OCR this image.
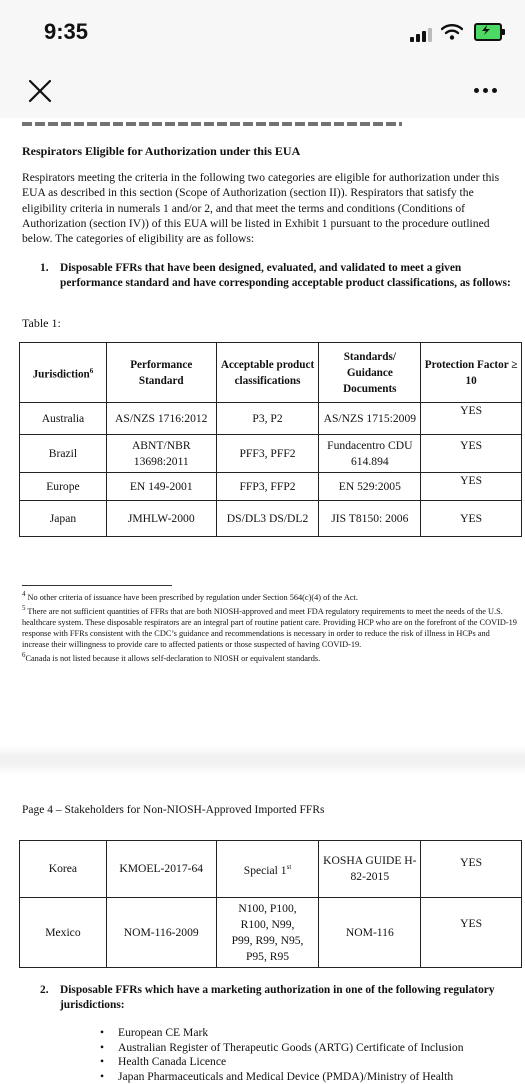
9:35
Respirators Eligible for Authorization under this EUA
Respirators meeting the criteria in the following two categories are eligible for authorization under this EUA as described in this section (Scope of Authorization (section II)). Respirators that satisfy the eligibility criteria in numerals 1 and/or 2, and that meet the terms and conditions (Conditions of Authorization (section IV)) of this EUA will be listed in Exhibit 1 pursuant to the procedure outlined below. The categories of eligibility are as follows:
1. Disposable FFRs that have been designed, evaluated, and validated to meet a given performance standard and have corresponding acceptable product classifications, as follows:
Table 1:
Jurisdiction$^6$	Performance Standard	Acceptable product classifications	Standards/ Guidance Documents	Protection Factor ≥ 10
Australia	AS/NZS 1716:2012	P3, P2	AS/NZS 1715:2009	YES
Brazil	ABNT/NBR 13698:2011	PFF3, PFF2	Fundacentro CDU 614.894	YES
Europe	EN 149-2001	FFP3, FFP2	EN 529:2005	YES
Japan	JMHLW-2000	DS/DL3 DS/DL2	JIS T8150: 2006	YES
$^4$ No other criteria of issuance have been prescribed by regulation under Section 564(c)(4) of the Act.
$^5$ There are not sufficient quantities of FFRs that are both NIOSH-approved and meet FDA regulatory requirements to meet the needs of the U.S. healthcare system. These disposable respirators are an integral part of routine patient care. Providing HCP who are on the forefront of the COVID-19 response with FFRs consistent with the CDC’s guidance and recommendations is necessary in order to reduce the risk of illness in HCPs and increase their willingness to provide care to affected patients or those suspected of having COVID-19.
$^6$Canada is not listed because it allows self-declaration to NIOSH or equivalent standards.
Page 4 – Stakeholders for Non-NIOSH-Approved Imported FFRs
Korea	KMOEL-2017-64	Special 1st	KOSHA GUIDE H-82-2015	YES
Mexico	NOM-116-2009	N100, P100, R100, N99, P99, R99, N95, P95, R95	NOM-116	YES
2. Disposable FFRs which have a marketing authorization in one of the following regulatory jurisdictions:
• European CE Mark
• Australian Register of Therapeutic Goods (ARTG) Certificate of Inclusion
• Health Canada Licence
• Japan Pharmaceuticals and Medical Device (PMDA)/Ministry of Health
